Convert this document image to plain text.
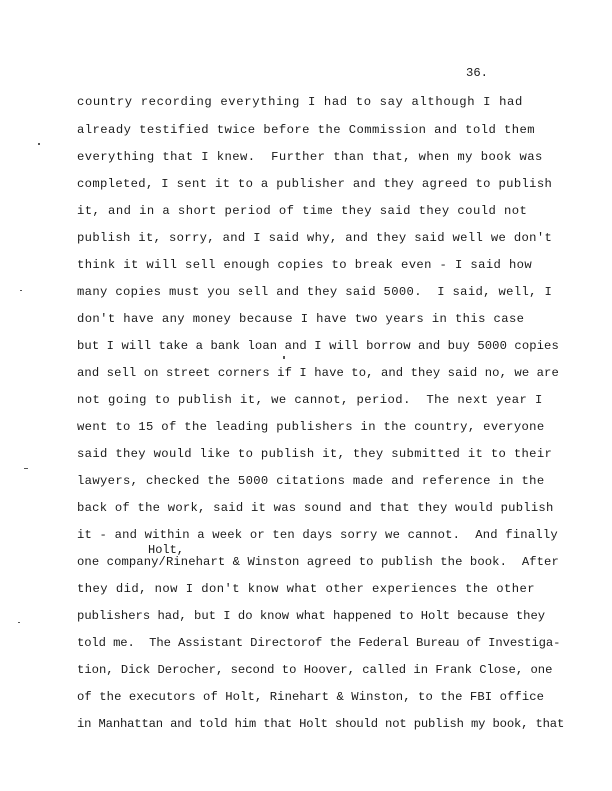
36.
country recording everything I had to say although I had
already testified twice before the Commission and told them
everything that I knew.  Further than that, when my book was
completed, I sent it to a publisher and they agreed to publish
it, and in a short period of time they said they could not
publish it, sorry, and I said why, and they said well we don't
think it will sell enough copies to break even - I said how
many copies must you sell and they said 5000.  I said, well, I
don't have any money because I have two years in this case
but I will take a bank loan and I will borrow and buy 5000 copies
and sell on street corners if I have to, and they said no, we are
not going to publish it, we cannot, period.  The next year I
went to 15 of the leading publishers in the country, everyone
said they would like to publish it, they submitted it to their
lawyers, checked the 5000 citations made and reference in the
back of the work, said it was sound and that they would publish
it - and within a week or ten days sorry we cannot.  And finally
Holt,
one company/Rinehart & Winston agreed to publish the book.  After
they did, now I don't know what other experiences the other
publishers had, but I do know what happened to Holt because they
told me.  The Assistant Directorof the Federal Bureau of Investiga-
tion, Dick Derocher, second to Hoover, called in Frank Close, one
of the executors of Holt, Rinehart & Winston, to the FBI office
in Manhattan and told him that Holt should not publish my book, that
